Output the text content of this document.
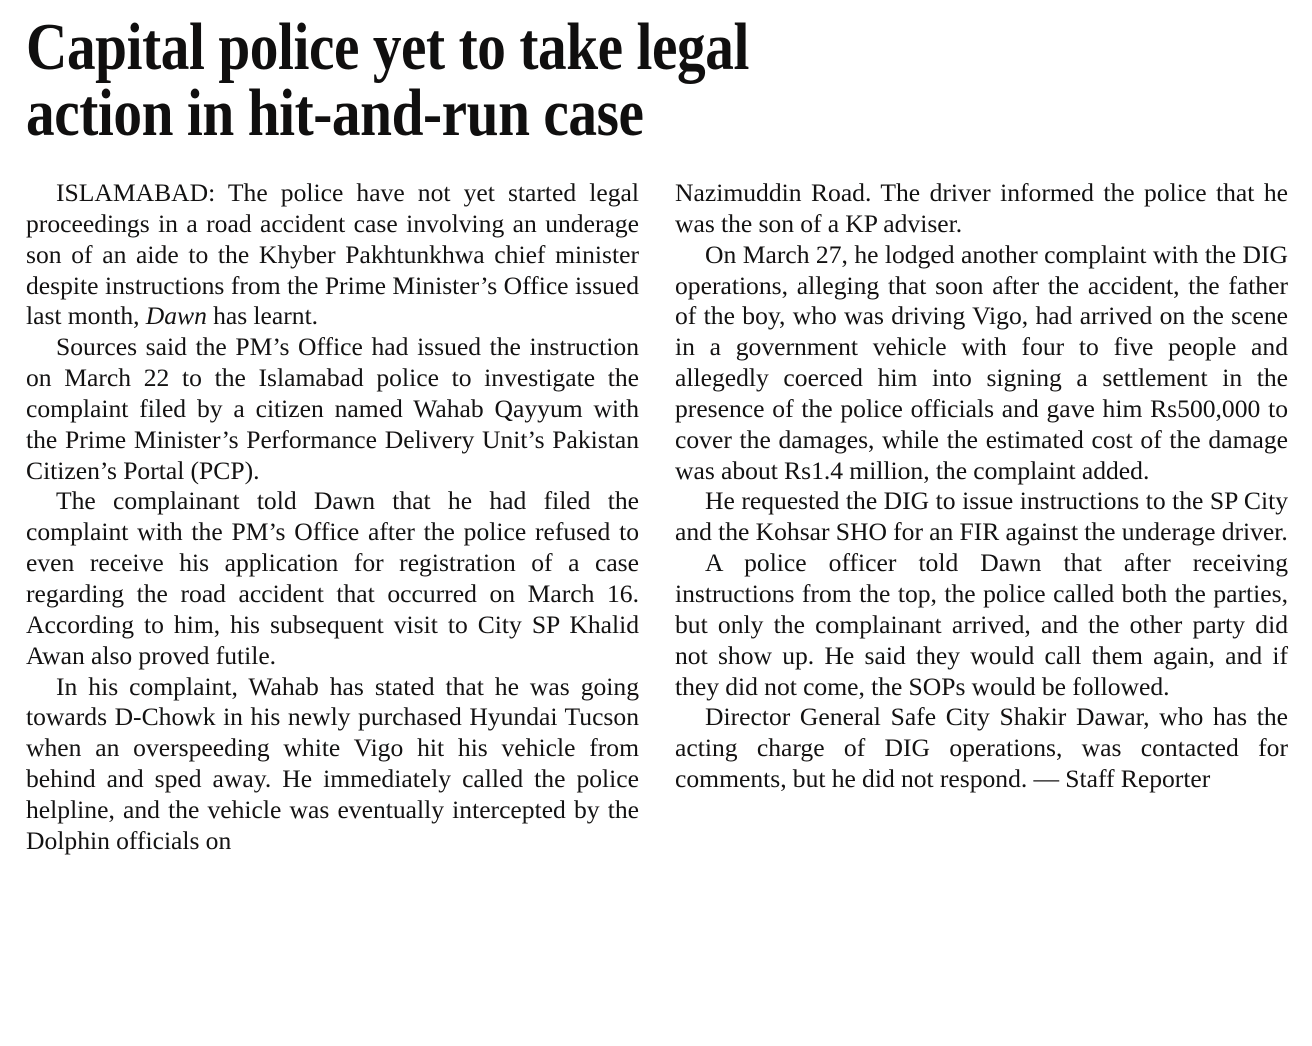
Capital police yet to take legal
action in hit-and-run case

ISLAMABAD: The police have not yet started legal proceedings in a road accident case involving an underage son of an aide to the Khyber Pakhtunkhwa chief minister despite instructions from the Prime Minister’s Office issued last month, Dawn has learnt.

Sources said the PM’s Office had issued the instruction on March 22 to the Islamabad police to investigate the complaint filed by a citizen named Wahab Qayyum with the Prime Minister’s Performance Delivery Unit’s Pakistan Citizen’s Portal (PCP).

The complainant told Dawn that he had filed the complaint with the PM’s Office after the police refused to even receive his application for registration of a case regarding the road accident that occurred on March 16. According to him, his subsequent visit to City SP Khalid Awan also proved futile.

In his complaint, Wahab has stated that he was going towards D-Chowk in his newly purchased Hyundai Tucson when an overspeeding white Vigo hit his vehicle from behind and sped away. He immediately called the police helpline, and the vehicle was eventually intercepted by the Dolphin officials on

Nazimuddin Road. The driver informed the police that he was the son of a KP adviser.

On March 27, he lodged another complaint with the DIG operations, alleging that soon after the accident, the father of the boy, who was driving Vigo, had arrived on the scene in a government vehicle with four to five people and allegedly coerced him into signing a settlement in the presence of the police officials and gave him Rs500,000 to cover the damages, while the estimated cost of the damage was about Rs1.4 million, the complaint added.

He requested the DIG to issue instructions to the SP City and the Kohsar SHO for an FIR against the underage driver.

A police officer told Dawn that after receiving instructions from the top, the police called both the parties, but only the complainant arrived, and the other party did not show up. He said they would call them again, and if they did not come, the SOPs would be followed.

Director General Safe City Shakir Dawar, who has the acting charge of DIG operations, was contacted for comments, but he did not respond. — Staff Reporter
